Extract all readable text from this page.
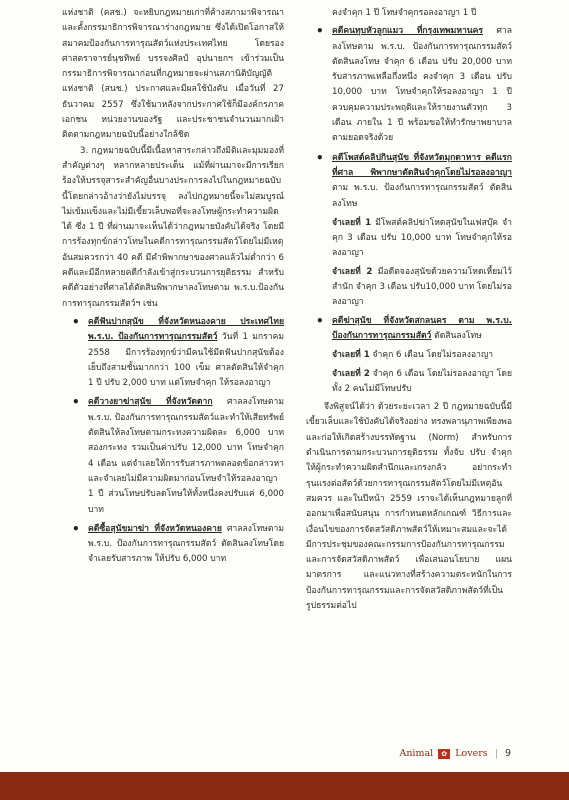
แห่งชาติ (คสช.) จะหยิบกฎหมายเก่าที่ค้างสภามาพิจารณาและตั้งกรรมาธิการพิจารณาร่างกฎหมาย ซึ่งได้เปิดโอกาสให้ สมาคมป้องกันการทารุณสัตว์แห่งประเทศไทย โดยรองศาสตราจารย์นุชทิพย์ บรรจงศิลป์ อุปนายกฯ เข้าร่วมเป็นกรรมาธิการพิจารณาก่อนที่กฎหมายจะผ่านสภานิติบัญญัติแห่งชาติ (สนช.) ประกาศและมีผลใช้บังคับ เมื่อวันที่ 27 ธันวาคม 2557 ซึ่งใช้มาหลังจากประกาศใช้ก็มีองค์กรภาคเอกชน หน่วยงานของรัฐ และประชาชนจำนวนมากเฝ้าติดตามกฎหมายฉบับนี้อย่างใกล้ชิด

3. กฎหมายฉบับนี้มีเนื้อหาสาระกล่าวถึงมิติและมุมมองที่สำคัญต่างๆ หลากหลายประเด็น แม้ที่ผ่านมาจะมีการเรียกร้องให้บรรจุสาระสำคัญอื่นบางประการลงไปในกฎหมายฉบับนี้โดยกล่าวอ้างว่ายังไม่บรรจุ ลงไปกฎหมายนี้จะไม่สมบูรณ์ไม่เข้มแข็งและไม่มีเขี้ยวเล็บพอที่จะลงโทษผู้กระทำความผิดได้ ซึ่ง 1 ปี ที่ผ่านมาจะเห็นได้ว่ากฎหมายบังคับได้จริง โดยมีการร้องทุกข์กล่าวโทษในคดีการทารุณกรรมสัตว์โดยไม่มีเหตุอันสมควรกว่า 40 คดี มีคำพิพากษาของศาลแล้วไม่ต่ำกว่า 6 คดีและมีอีกหลายคดีกำลังเข้าสู่กระบวนการยุติธรรม สำหรับคดีตัวอย่างที่ศาลได้ตัดสินพิพากษาลงโทษตาม พ.ร.บ.ป้องกันการทารุณกรรมสัตว์ฯ เช่น

• คดีฟันปากสุนัข ที่จังหวัดหนองคาย ประเทศไทย พ.ร.บ. ป้องกันการทารุณกรรมสัตว์ วันที่ 1 มกราคม 2558 มีการร้องทุกข์ว่ามีคนใช้มีดฟันปากสุนัขต้องเย็บถึงสามชั้นมากกว่า 100 เข็ม ศาลตัดสินให้จำคุก 1 ปี ปรับ 2,000 บาท แต่โทษจำคุก ให้รอลงอาญา
• คดีวางยาฆ่าสุนัข ที่จังหวัดตาก ศาลลงโทษตาม พ.ร.บ. ป้องกันการทารุณกรรมสัตว์และทำให้เสียทรัพย์ ตัดสินให้ลงโทษตามกระทงความผิดละ 6,000 บาท สองกระทง รวมเป็นค่าปรับ 12,000 บาท โทษจำคุก 4 เดือน แต่จำเลยให้การรับสารภาพตลอดข้อกล่าวหาและจำเลยไม่มีความผิดมาก่อนโทษจำให้รอลงอาญา 1 ปี ส่วนโทษปรับลดโทษให้ทั้งหนึ่งคงปรับแค่ 6,000 บาท
• คดีซื้อสุนัขมาฆ่า ที่จังหวัดหนองคาย ศาลลงโทษตาม พ.ร.บ. ป้องกันการทารุณกรรมสัตว์ ตัดสินลงโทษโดยจำเลยรับสารภาพ ให้ปรับ 6,000 บาท

คงจำคุก 1 ปี โทษจำคุกรอลงอาญา 1 ปี

• คดีคนทุบหัวลูกแมว ที่กรุงเทพมหานคร ศาลลงโทษตาม พ.ร.บ. ป้องกันการทารุณกรรมสัตว์ ตัดสินลงโทษ จำคุก 6 เดือน ปรับ 20,000 บาท รับสารภาพเหลือกึ่งหนึ่ง คงจำคุก 3 เดือน ปรับ 10,000 บาท โทษจำคุกให้รอลงอาญา 1 ปี ควบคุมความประพฤติและให้รายงานตัวทุก 3 เดือน ภายใน 1 ปี พร้อมขอให้ทำรักษาพยาบาล ตามยอดจริงด้วย
• คดีโพสต์คลิปกินสุนัข ที่จังหวัดมุกดาหาร คดีแรกที่ศาล พิพากษาตัดสินจำคุกโดยไม่รอลงอาญา ตาม พ.ร.บ. ป้องกันการทารุณกรรมสัตว์ ตัดสินลงโทษ
จำเลยที่ 1 มีโพสต์คลิปฆ่าโหดสุนัขในเฟสบุ๊ค จำคุก 3 เดือน ปรับ 10,000 บาท โทษจำคุกให้รอลงอาญา
จำเลยที่ 2 มีอดีตจองสุนัขด้วยความโหดเหี้ยมไว้สำนัก จำคุก 3 เดือน ปรับ10,000 บาท โดยไม่รอลงอาญา
• คดีฆ่าสุนัข ที่จังหวัดสกลนคร ตาม พ.ร.บ. ป้องกันการทารุณกรรมสัตว์ ตัดสินลงโทษ
จำเลยที่ 1 จำคุก 6 เดือน โดยไม่รอลงอาญา
จำเลยที่ 2 จำคุก 6 เดือน โดยไม่รอลงอาญา โดยทั้ง 2 คนไม่มีโทษปรับ

จึงพิสูจน์ได้ว่า ด้วยระยะเวลา 2 ปี กฎหมายฉบับนี้มีเขี้ยวเล็บและใช้บังคับได้จริงอย่าง ทรงพลานุภาพเพียงพอและก่อให้เกิดสร้างบรรทัดฐาน (Norm) สำหรับการดำเนินการตามกระบวนการยุติธรรม ทั้งจับ ปรับ จำคุก ให้ผู้กระทำความผิดสำนึกและเกรงกลัว อย่ากระทำรุนแรงต่อสัตว์ด้วยการทารุณกรรมสัตว์โดยไม่มีเหตุอันสมควร และในปีหน้า 2559 เราจะได้เห็นกฎหมายลูกที่ออกมาเพื่อสนับสนุน การกำหนดหลักเกณฑ์ วิธีการและเงื่อนไขของการจัดสวัสดิภาพสัตว์ให้เหมาะสมและจะได้มีการประชุมของคณะกรรมการป้องกันการทารุณกรรมและการจัดสวัสดิภาพสัตว์ เพื่อเสนอนโยบาย แผน มาตรการ และแนวทางที่สร้างความตระหนักในการป้องกันการทารุณกรรมและการจัดสวัสดิภาพสัตว์ที่เป็นรูปธรรมต่อไป

Animal ✿ Lovers | 9
